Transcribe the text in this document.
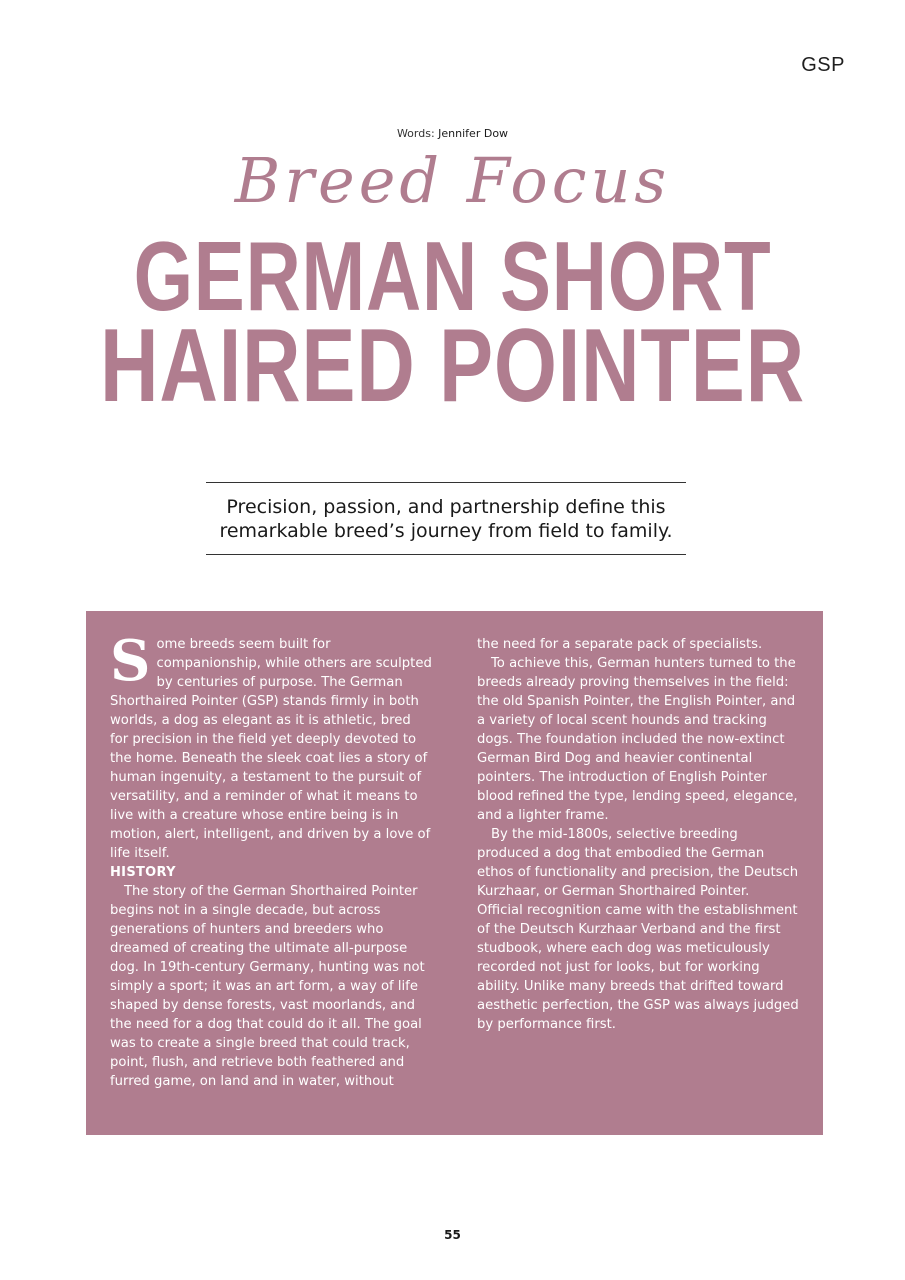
GSP
Words: Jennifer Dow
Breed Focus
GERMAN SHORT
HAIRED POINTER
Precision, passion, and partnership define this
remarkable breed’s journey from field to family.

Some breeds seem built for companionship, while others are sculpted by centuries of purpose. The German Shorthaired Pointer (GSP) stands firmly in both worlds, a dog as elegant as it is athletic, bred for precision in the field yet deeply devoted to the home. Beneath the sleek coat lies a story of human ingenuity, a testament to the pursuit of versatility, and a reminder of what it means to live with a creature whose entire being is in motion, alert, intelligent, and driven by a love of life itself.

HISTORY

The story of the German Shorthaired Pointer begins not in a single decade, but across generations of hunters and breeders who dreamed of creating the ultimate all-purpose dog. In 19th-century Germany, hunting was not simply a sport; it was an art form, a way of life shaped by dense forests, vast moorlands, and the need for a dog that could do it all. The goal was to create a single breed that could track, point, flush, and retrieve both feathered and furred game, on land and in water, without

the need for a separate pack of specialists.

To achieve this, German hunters turned to the breeds already proving themselves in the field: the old Spanish Pointer, the English Pointer, and a variety of local scent hounds and tracking dogs. The foundation included the now-extinct German Bird Dog and heavier continental pointers. The introduction of English Pointer blood refined the type, lending speed, elegance, and a lighter frame.

By the mid-1800s, selective breeding produced a dog that embodied the German ethos of functionality and precision, the Deutsch Kurzhaar, or German Shorthaired Pointer. Official recognition came with the establishment of the Deutsch Kurzhaar Verband and the first studbook, where each dog was meticulously recorded not just for looks, but for working ability. Unlike many breeds that drifted toward aesthetic perfection, the GSP was always judged by performance first.

55
